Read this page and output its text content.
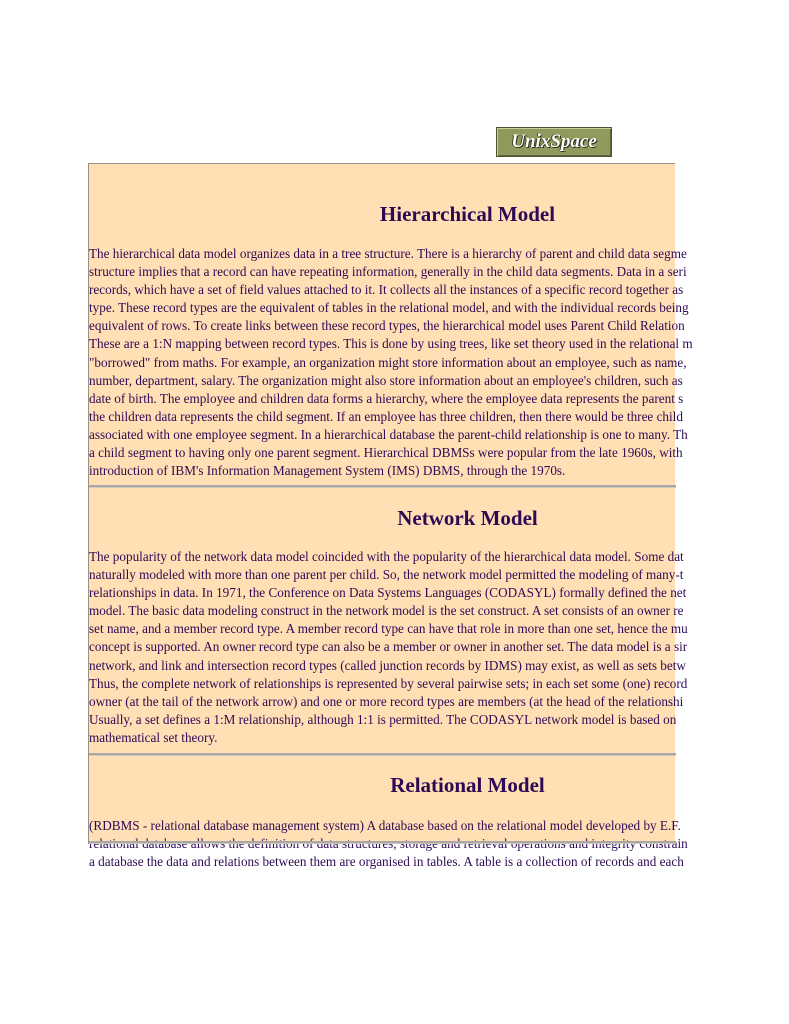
UnixSpace
Hierarchical Model
The hierarchical data model organizes data in a tree structure. There is a hierarchy of parent and child data segme
structure implies that a record can have repeating information, generally in the child data segments. Data in a seri
records, which have a set of field values attached to it. It collects all the instances of a specific record together as
type. These record types are the equivalent of tables in the relational model, and with the individual records being
equivalent of rows. To create links between these record types, the hierarchical model uses Parent Child Relation
These are a 1:N mapping between record types. This is done by using trees, like set theory used in the relational m
"borrowed" from maths. For example, an organization might store information about an employee, such as name,
number, department, salary. The organization might also store information about an employee's children, such as
date of birth. The employee and children data forms a hierarchy, where the employee data represents the parent s
the children data represents the child segment. If an employee has three children, then there would be three child
associated with one employee segment. In a hierarchical database the parent-child relationship is one to many. Th
a child segment to having only one parent segment. Hierarchical DBMSs were popular from the late 1960s, with
introduction of IBM's Information Management System (IMS) DBMS, through the 1970s.
Network Model
The popularity of the network data model coincided with the popularity of the hierarchical data model. Some dat
naturally modeled with more than one parent per child. So, the network model permitted the modeling of many-t
relationships in data. In 1971, the Conference on Data Systems Languages (CODASYL) formally defined the net
model. The basic data modeling construct in the network model is the set construct. A set consists of an owner re
set name, and a member record type. A member record type can have that role in more than one set, hence the mu
concept is supported. An owner record type can also be a member or owner in another set. The data model is a sir
network, and link and intersection record types (called junction records by IDMS) may exist, as well as sets betw
Thus, the complete network of relationships is represented by several pairwise sets; in each set some (one) record
owner (at the tail of the network arrow) and one or more record types are members (at the head of the relationshi
Usually, a set defines a 1:M relationship, although 1:1 is permitted. The CODASYL network model is based on
mathematical set theory.
Relational Model
(RDBMS - relational database management system) A database based on the relational model developed by E.F.
relational database allows the definition of data structures, storage and retrieval operations and integrity constrain
a database the data and relations between them are organised in tables. A table is a collection of records and each
